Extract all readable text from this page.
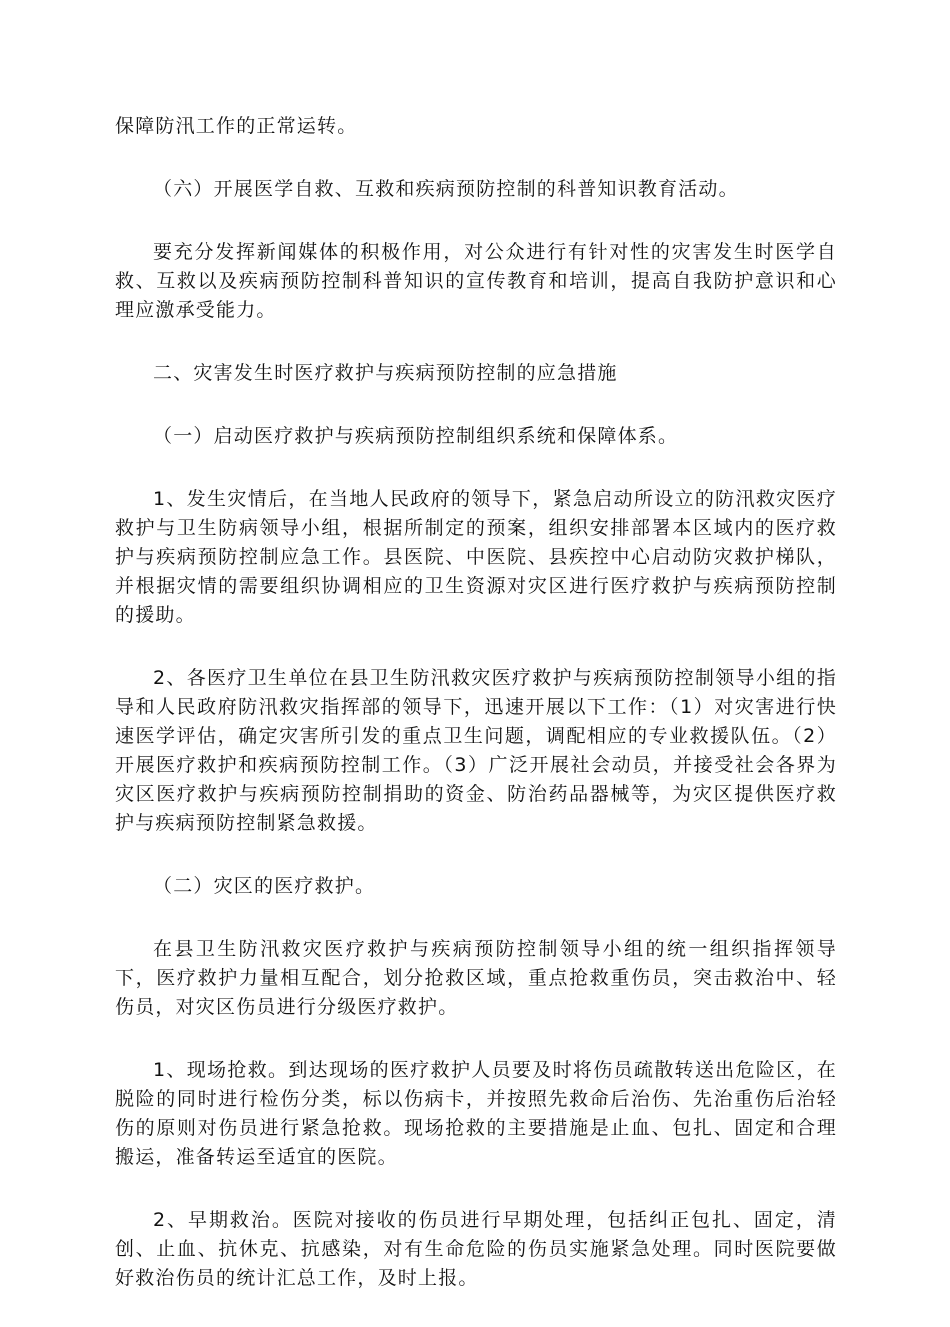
保障防汛工作的正常运转。

（六）开展医学自救、互救和疾病预防控制的科普知识教育活动。

要充分发挥新闻媒体的积极作用，对公众进行有针对性的灾害发生时医学自救、互救以及疾病预防控制科普知识的宣传教育和培训，提高自我防护意识和心理应激承受能力。

二、灾害发生时医疗救护与疾病预防控制的应急措施

（一）启动医疗救护与疾病预防控制组织系统和保障体系。

1、发生灾情后，在当地人民政府的领导下，紧急启动所设立的防汛救灾医疗救护与卫生防病领导小组，根据所制定的预案，组织安排部署本区域内的医疗救护与疾病预防控制应急工作。县医院、中医院、县疾控中心启动防灾救护梯队，并根据灾情的需要组织协调相应的卫生资源对灾区进行医疗救护与疾病预防控制的援助。

2、各医疗卫生单位在县卫生防汛救灾医疗救护与疾病预防控制领导小组的指导和人民政府防汛救灾指挥部的领导下，迅速开展以下工作：（1）对灾害进行快速医学评估，确定灾害所引发的重点卫生问题，调配相应的专业救援队伍。（2）开展医疗救护和疾病预防控制工作。（3）广泛开展社会动员，并接受社会各界为灾区医疗救护与疾病预防控制捐助的资金、防治药品器械等，为灾区提供医疗救护与疾病预防控制紧急救援。

（二）灾区的医疗救护。

在县卫生防汛救灾医疗救护与疾病预防控制领导小组的统一组织指挥领导下，医疗救护力量相互配合，划分抢救区域，重点抢救重伤员，突击救治中、轻伤员，对灾区伤员进行分级医疗救护。

1、现场抢救。到达现场的医疗救护人员要及时将伤员疏散转送出危险区，在脱险的同时进行检伤分类，标以伤病卡，并按照先救命后治伤、先治重伤后治轻伤的原则对伤员进行紧急抢救。现场抢救的主要措施是止血、包扎、固定和合理搬运，准备转运至适宜的医院。

2、早期救治。医院对接收的伤员进行早期处理，包括纠正包扎、固定，清创、止血、抗休克、抗感染，对有生命危险的伤员实施紧急处理。同时医院要做好救治伤员的统计汇总工作，及时上报。
